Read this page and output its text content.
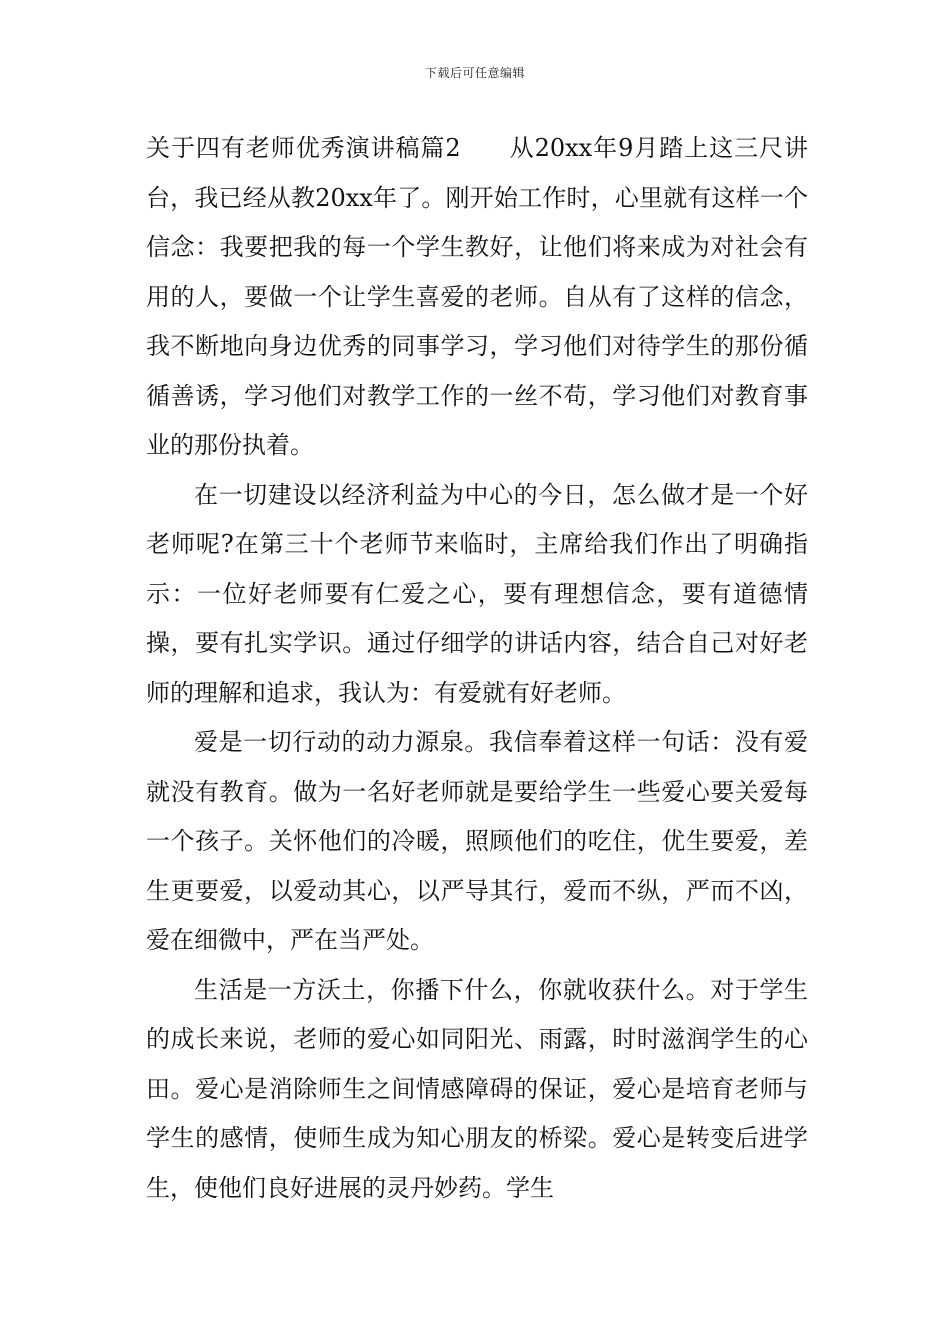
下载后可任意编辑

关于四有老师优秀演讲稿篇2 从20xx年9月踏上这三尺讲台，我已经从教20xx年了。刚开始工作时，心里就有这样一个信念：我要把我的每一个学生教好，让他们将来成为对社会有用的人，要做一个让学生喜爱的老师。自从有了这样的信念，我不断地向身边优秀的同事学习，学习他们对待学生的那份循循善诱，学习他们对教学工作的一丝不苟，学习他们对教育事业的那份执着。

在一切建设以经济利益为中心的今日，怎么做才是一个好老师呢?在第三十个老师节来临时，主席给我们作出了明确指示：一位好老师要有仁爱之心，要有理想信念，要有道德情操，要有扎实学识。通过仔细学的讲话内容，结合自己对好老师的理解和追求，我认为：有爱就有好老师。

爱是一切行动的动力源泉。我信奉着这样一句话：没有爱就没有教育。做为一名好老师就是要给学生一些爱心要关爱每一个孩子。关怀他们的冷暖，照顾他们的吃住，优生要爱，差生更要爱，以爱动其心，以严导其行，爱而不纵，严而不凶，爱在细微中，严在当严处。

生活是一方沃土，你播下什么，你就收获什么。对于学生的成长来说，老师的爱心如同阳光、雨露，时时滋润学生的心田。爱心是消除师生之间情感障碍的保证，爱心是培育老师与学生的感情，使师生成为知心朋友的桥梁。爱心是转变后进学生，使他们良好进展的灵丹妙药。学生
